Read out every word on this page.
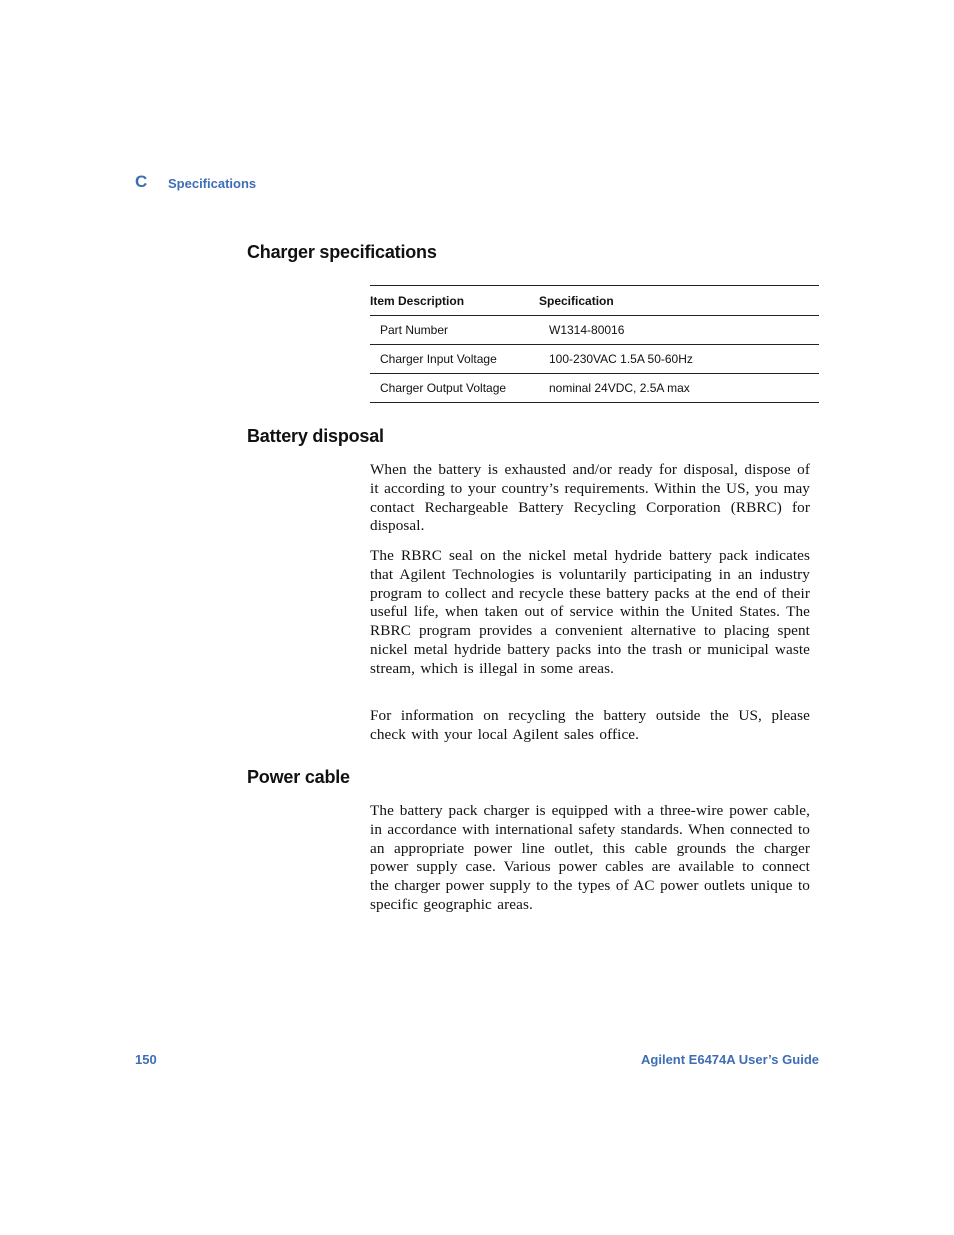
C Specifications
Charger specifications
Item Description	Specification
Part Number	W1314-80016
Charger Input Voltage	100-230VAC 1.5A 50-60Hz
Charger Output Voltage	nominal 24VDC, 2.5A max
Battery disposal

When the battery is exhausted and/or ready for disposal, dispose of it according to your country’s requirements. Within the US, you may contact Rechargeable Battery Recycling Corporation (RBRC) for disposal.

The RBRC seal on the nickel metal hydride battery pack indicates that Agilent Technologies is voluntarily participating in an industry program to collect and recycle these battery packs at the end of their useful life, when taken out of service within the United States. The RBRC program provides a convenient alternative to placing spent nickel metal hydride battery packs into the trash or municipal waste stream, which is illegal in some areas.

For information on recycling the battery outside the US, please check with your local Agilent sales office.

Power cable

The battery pack charger is equipped with a three-wire power cable, in accordance with international safety standards. When connected to an appropriate power line outlet, this cable grounds the charger power supply case. Various power cables are available to connect the charger power supply to the types of AC power outlets unique to specific geographic areas.

150	Agilent E6474A User’s Guide
